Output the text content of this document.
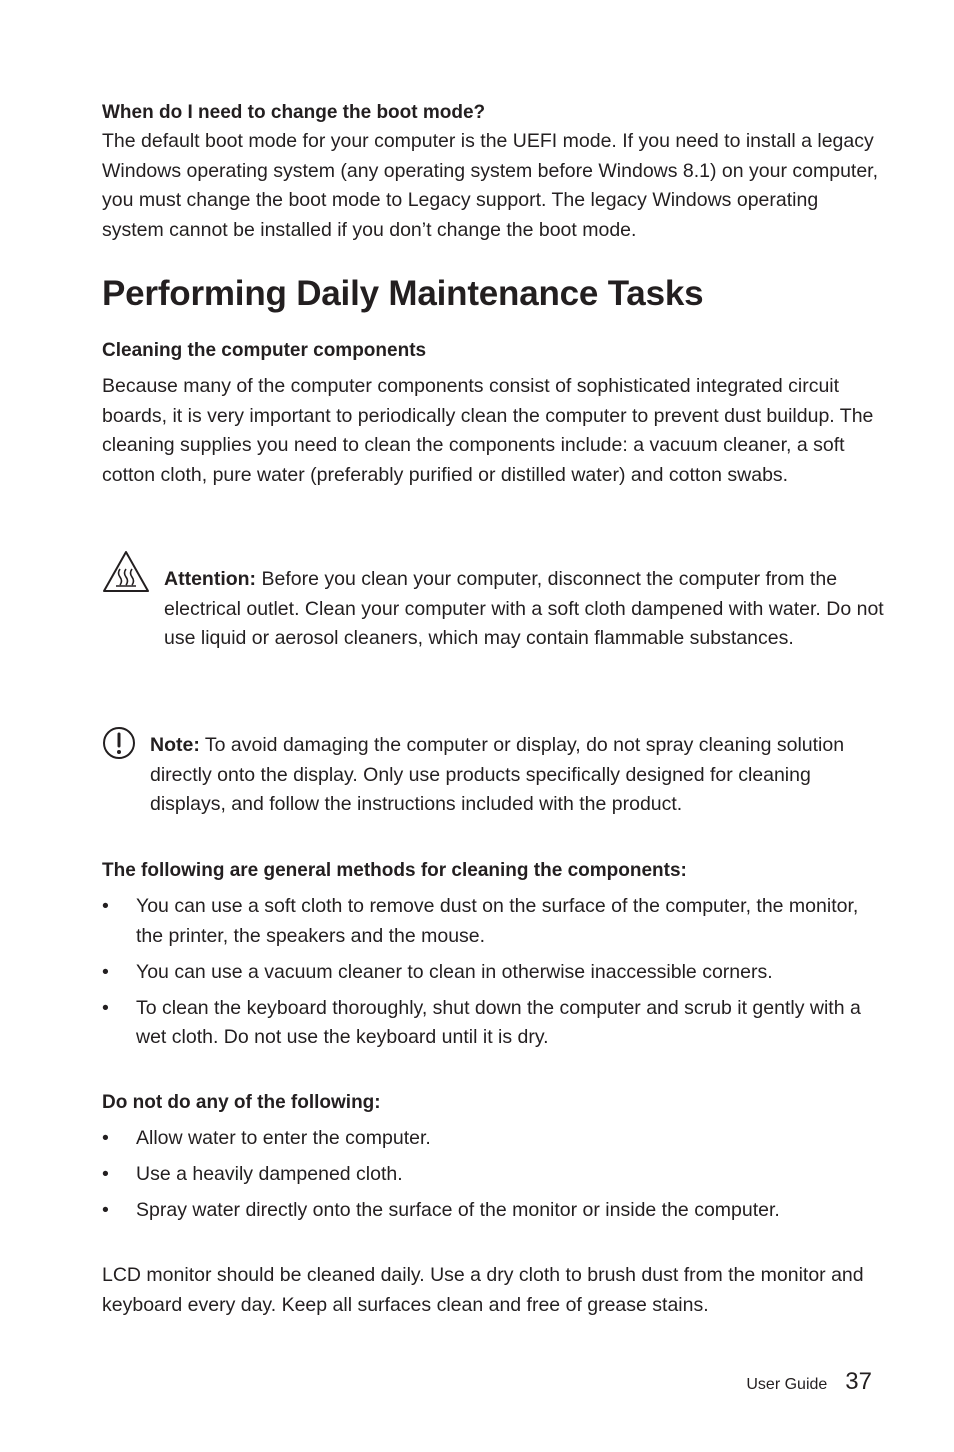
When do I need to change the boot mode?

The default boot mode for your computer is the UEFI mode. If you need to install a legacy Windows operating system (any operating system before Windows 8.1) on your computer, you must change the boot mode to Legacy support. The legacy Windows operating system cannot be installed if you don’t change the boot mode.

Performing Daily Maintenance Tasks

Cleaning the computer components

Because many of the computer components consist of sophisticated integrated circuit boards, it is very important to periodically clean the computer to prevent dust buildup. The cleaning supplies you need to clean the components include: a vacuum cleaner, a soft cotton cloth, pure water (preferably purified or distilled water) and cotton swabs.

Attention: Before you clean your computer, disconnect the computer from the electrical outlet. Clean your computer with a soft cloth dampened with water. Do not use liquid or aerosol cleaners, which may contain flammable substances.

Note: To avoid damaging the computer or display, do not spray cleaning solution directly onto the display. Only use products specifically designed for cleaning displays, and follow the instructions included with the product.

The following are general methods for cleaning the components:

• You can use a soft cloth to remove dust on the surface of the computer, the monitor, the printer, the speakers and the mouse.
• You can use a vacuum cleaner to clean in otherwise inaccessible corners.
• To clean the keyboard thoroughly, shut down the computer and scrub it gently with a wet cloth. Do not use the keyboard until it is dry.

Do not do any of the following:

• Allow water to enter the computer.
• Use a heavily dampened cloth.
• Spray water directly onto the surface of the monitor or inside the computer.

LCD monitor should be cleaned daily. Use a dry cloth to brush dust from the monitor and keyboard every day. Keep all surfaces clean and free of grease stains.

User Guide 37
